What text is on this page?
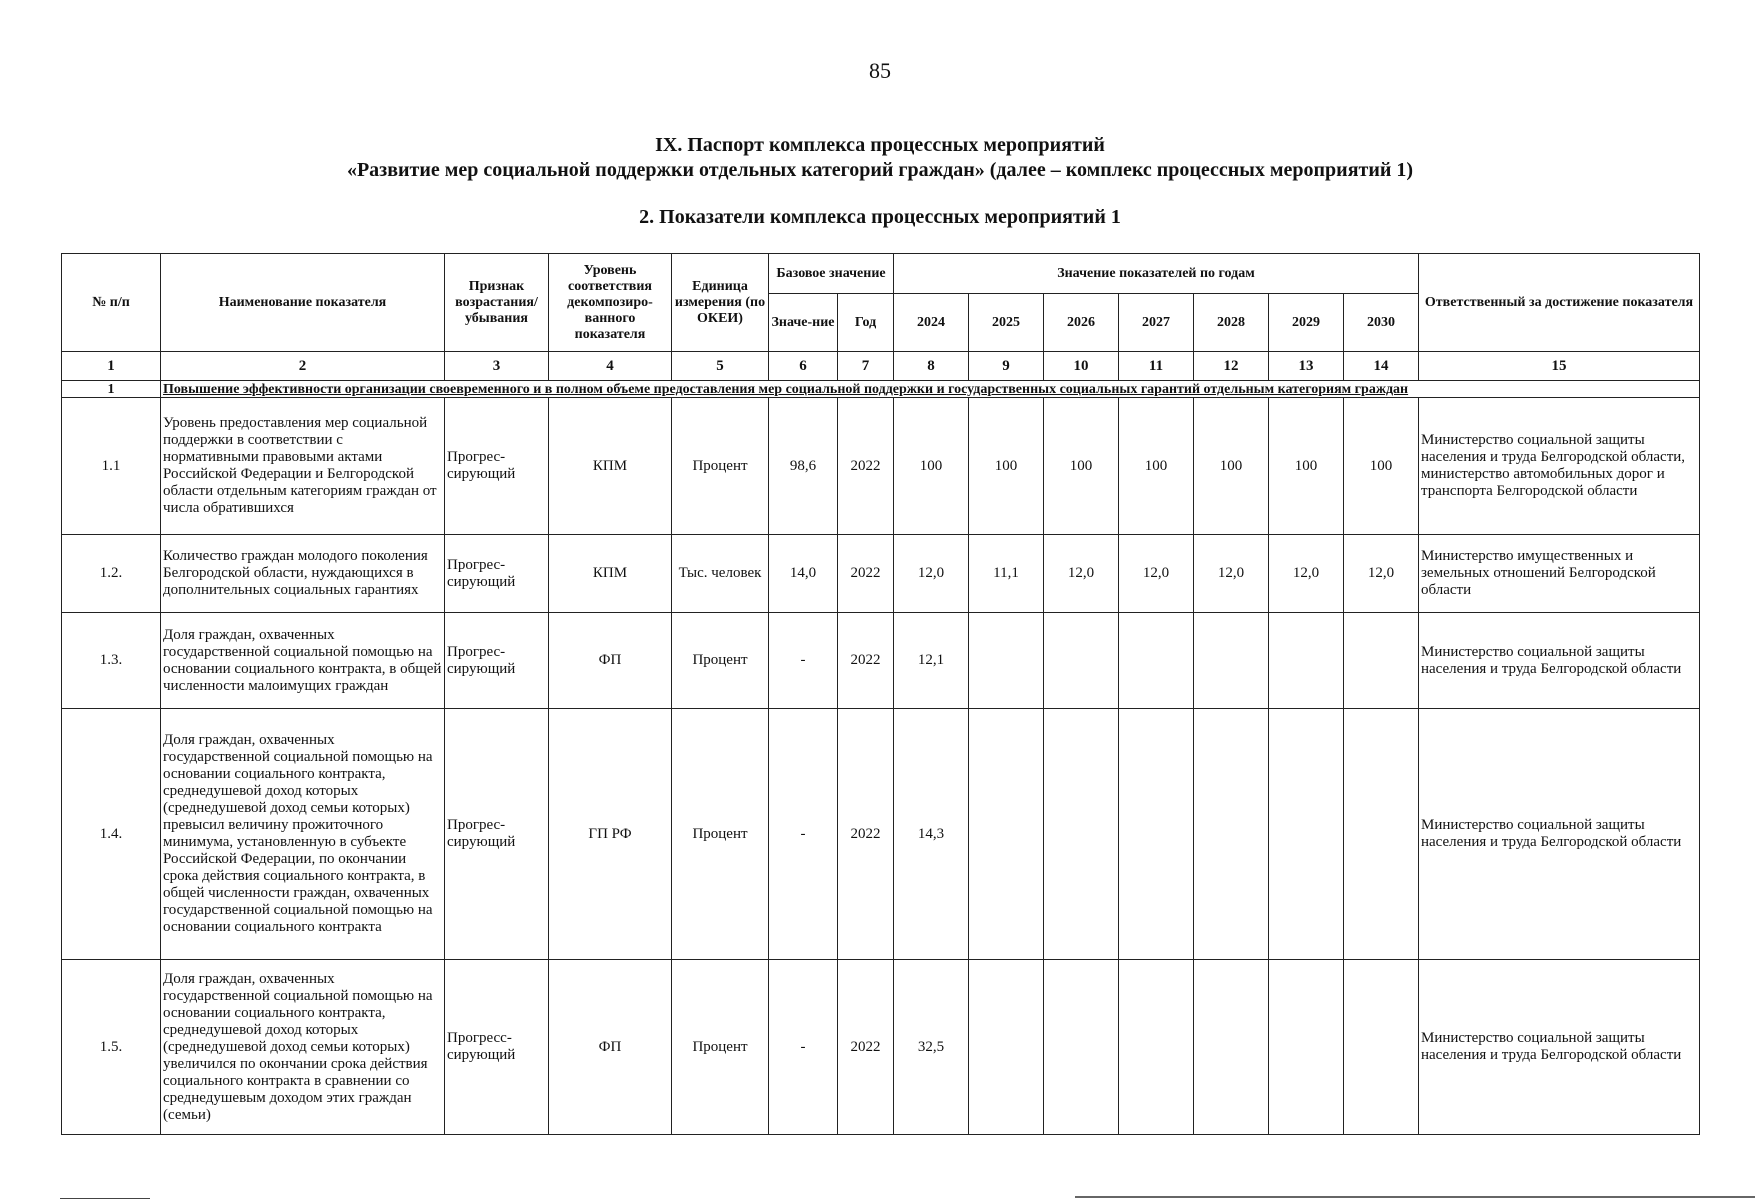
85
IX. Паспорт комплекса процессных мероприятий
«Развитие мер социальной поддержки отдельных категорий граждан» (далее – комплекс процессных мероприятий 1)
2. Показатели комплекса процессных мероприятий 1
№ п/п	Наименование показателя	Признак возрастания/ убывания	Уровень соответствия декомпозиро-ванного показателя	Единица измерения (по ОКЕИ)	Базовое значение		Значение показателей по годам							Ответственный за достижение показателя
					Значе-ние	Год	2024	2025	2026	2027	2028	2029	2030	
1	2	3	4	5	6	7	8	9	10	11	12	13	14	15
1	Повышение эффективности организации своевременного и в полном объеме предоставления мер социальной поддержки и государственных социальных гарантий отдельным категориям граждан													
1.1	Уровень предоставления мер социальной поддержки в соответствии с нормативными правовыми актами Российской Федерации и Белгородской области отдельным категориям граждан от числа обратившихся	Прогрес-сирующий	КПМ	Процент	98,6	2022	100	100	100	100	100	100	100	Министерство социальной защиты населения и труда Белгородской области, министерство автомобильных дорог и транспорта Белгородской области
1.2.	Количество граждан молодого поколения Белгородской области, нуждающихся в дополнительных социальных гарантиях	Прогрес-сирующий	КПМ	Тыс. человек	14,0	2022	12,0	11,1	12,0	12,0	12,0	12,0	12,0	Министерство имущественных и земельных отношений Белгородской области
1.3.	Доля граждан, охваченных государственной социальной помощью на основании социального контракта, в общей численности малоимущих граждан	Прогрес-сирующий	ФП	Процент	-	2022	12,1							Министерство социальной защиты населения и труда Белгородской области
1.4.	Доля граждан, охваченных государственной социальной помощью на основании социального контракта, среднедушевой доход которых (среднедушевой доход семьи которых) превысил величину прожиточного минимума, установленную в субъекте Российской Федерации, по окончании срока действия социального контракта, в общей численности граждан, охваченных государственной социальной помощью на основании социального контракта	Прогрес-сирующий	ГП РФ	Процент	-	2022	14,3							Министерство социальной защиты населения и труда Белгородской области
1.5.	Доля граждан, охваченных государственной социальной помощью на основании социального контракта, среднедушевой доход которых (среднедушевой доход семьи которых) увеличился по окончании срока действия социального контракта в сравнении со среднедушевым доходом этих граждан (семьи)	Прогресс-сирующий	ФП	Процент	-	2022	32,5							Министерство социальной защиты населения и труда Белгородской области
